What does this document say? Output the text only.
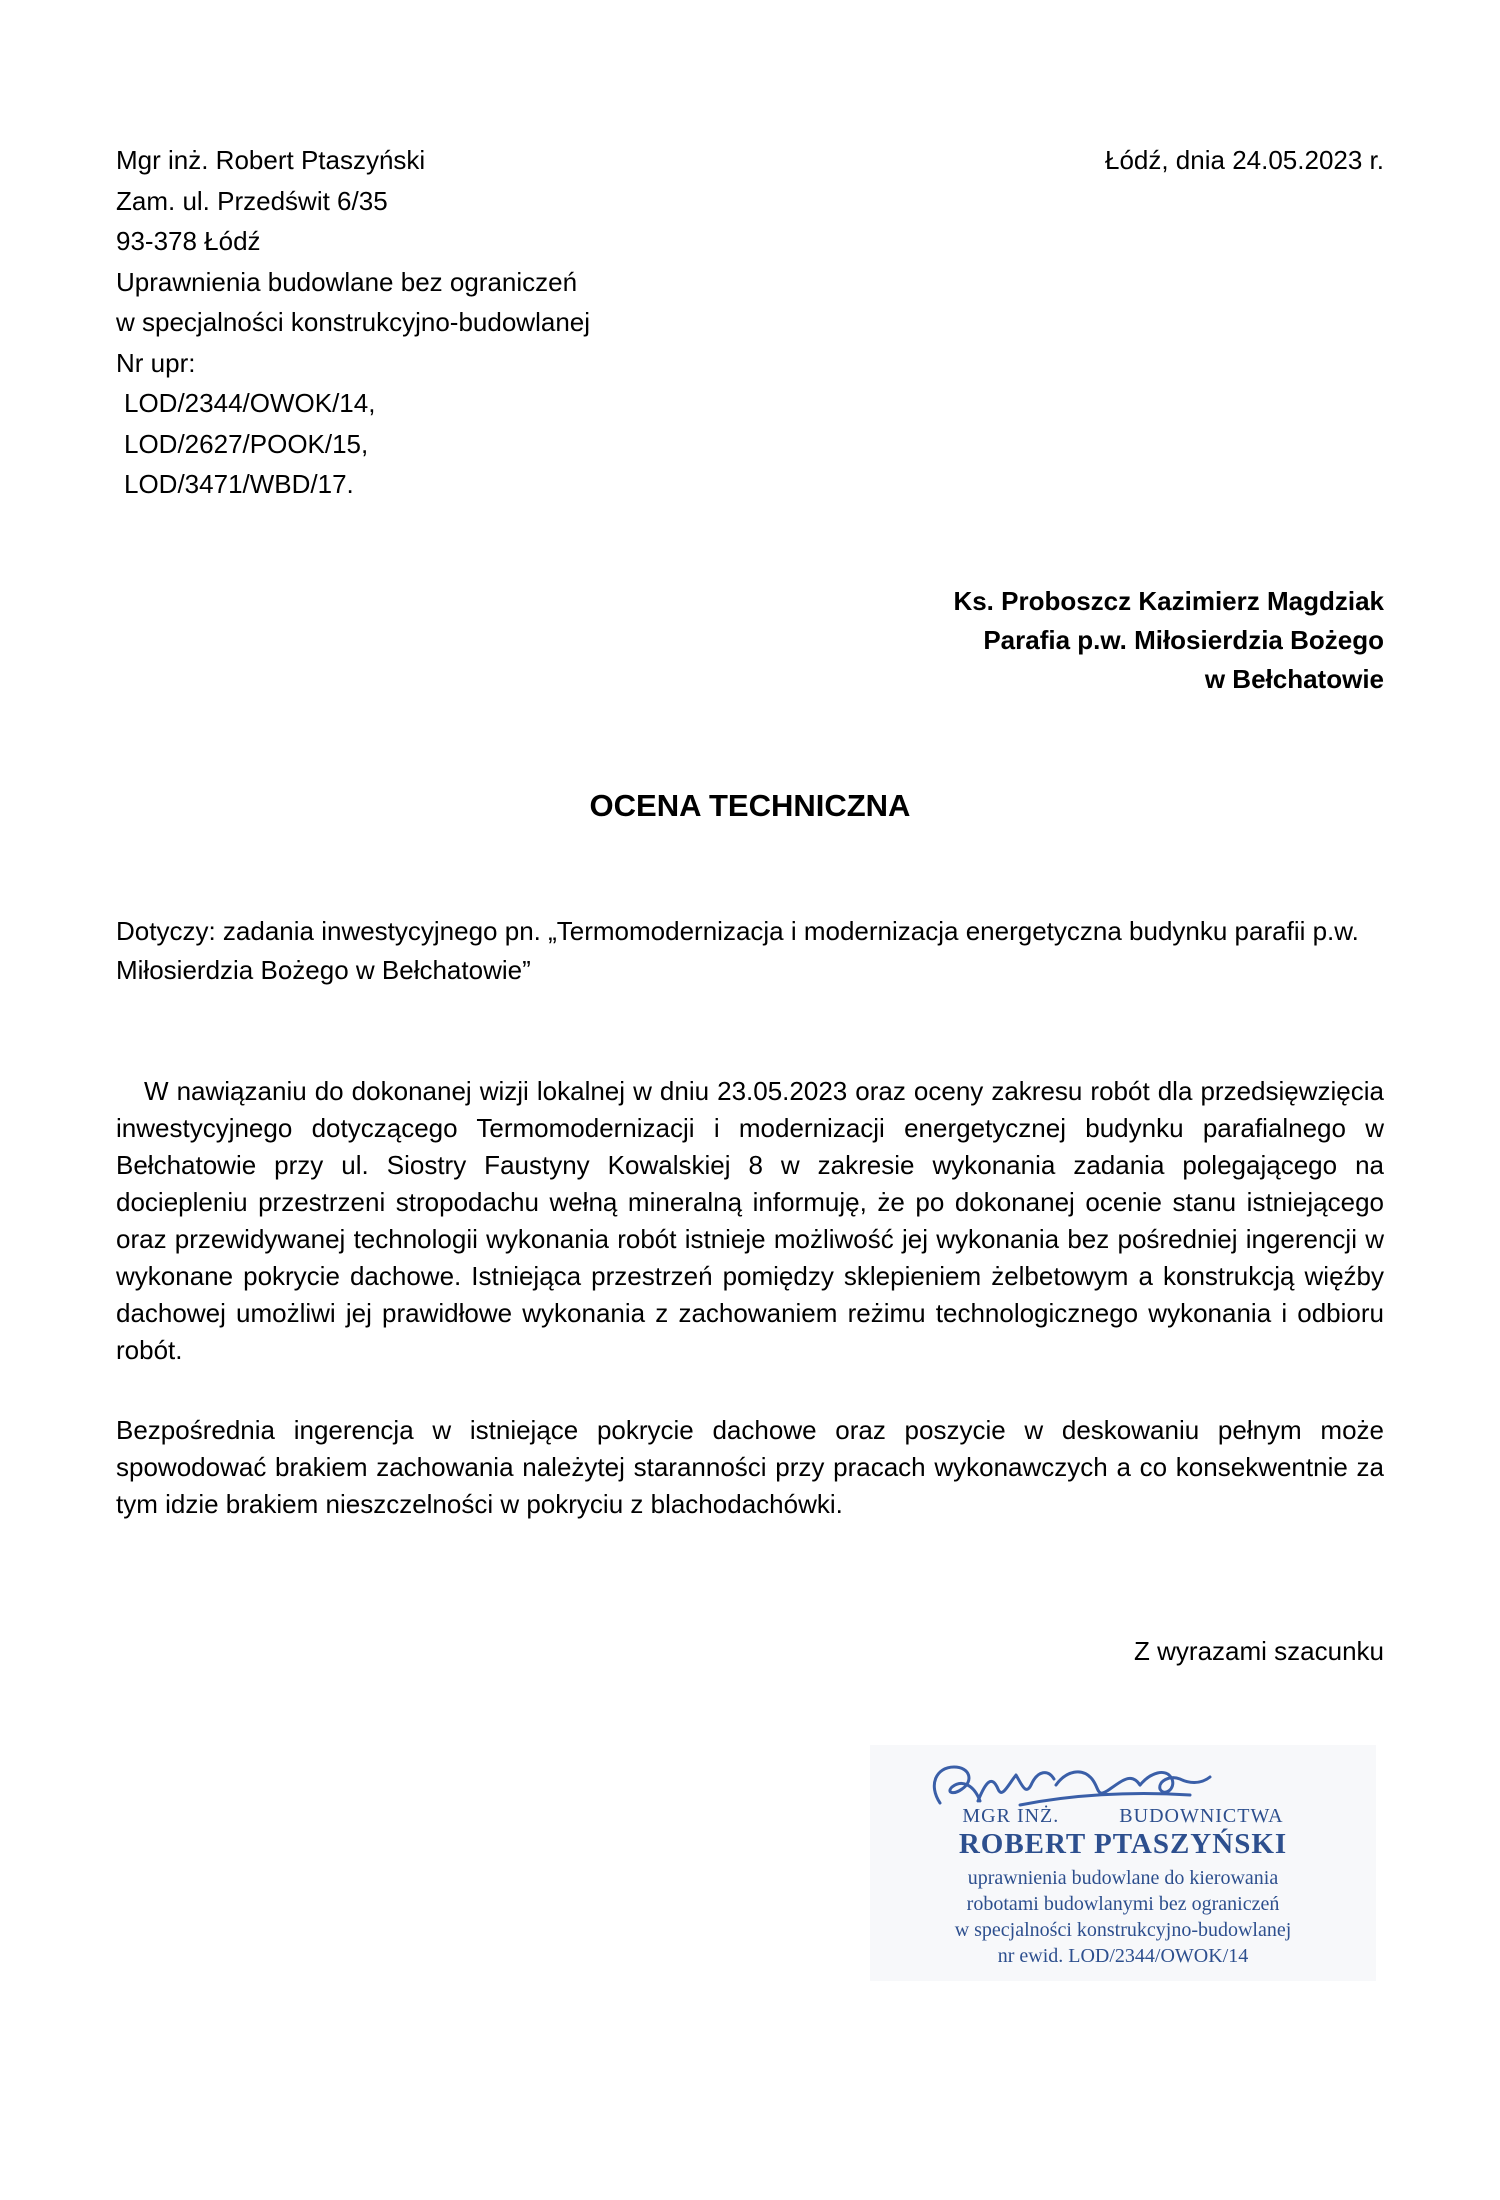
Mgr inż. Robert Ptaszyński
Zam. ul. Przedświt 6/35
93-378 Łódź
Uprawnienia budowlane bez ograniczeń
w specjalności konstrukcyjno-budowlanej
Nr upr:
LOD/2344/OWOK/14,
LOD/2627/POOK/15,
LOD/3471/WBD/17.
Łódź, dnia 24.05.2023 r.
Ks. Proboszcz Kazimierz Magdziak
Parafia p.w. Miłosierdzia Bożego
w Bełchatowie
OCENA TECHNICZNA
Dotyczy: zadania inwestycyjnego pn. „Termomodernizacja i modernizacja energetyczna budynku parafii p.w. Miłosierdzia Bożego w Bełchatowie”
W nawiązaniu do dokonanej wizji lokalnej w dniu 23.05.2023 oraz oceny zakresu robót dla przedsięwzięcia inwestycyjnego dotyczącego Termomodernizacji i modernizacji energetycznej budynku parafialnego w Bełchatowie przy ul. Siostry Faustyny Kowalskiej 8 w zakresie wykonania zadania polegającego na dociepleniu przestrzeni stropodachu wełną mineralną informuję, że po dokonanej ocenie stanu istniejącego oraz przewidywanej technologii wykonania robót istnieje możliwość jej wykonania bez pośredniej ingerencji w wykonane pokrycie dachowe. Istniejąca przestrzeń pomiędzy sklepieniem żelbetowym a konstrukcją więźby dachowej umożliwi jej prawidłowe wykonania z zachowaniem reżimu technologicznego wykonania i odbioru robót.
Bezpośrednia ingerencja w istniejące pokrycie dachowe oraz poszycie w deskowaniu pełnym może spowodować brakiem zachowania należytej staranności przy pracach wykonawczych a co konsekwentnie za tym idzie brakiem nieszczelności w pokryciu z blachodachówki.
Z wyrazami szacunku
MGR INŻ.	BUDOWNICTWA
ROBERT PTASZYŃSKI
uprawnienia budowlane do kierowania
robotami budowlanymi bez ograniczeń
w specjalności konstrukcyjno-budowlanej
nr ewid. LOD/2344/OWOK/14
